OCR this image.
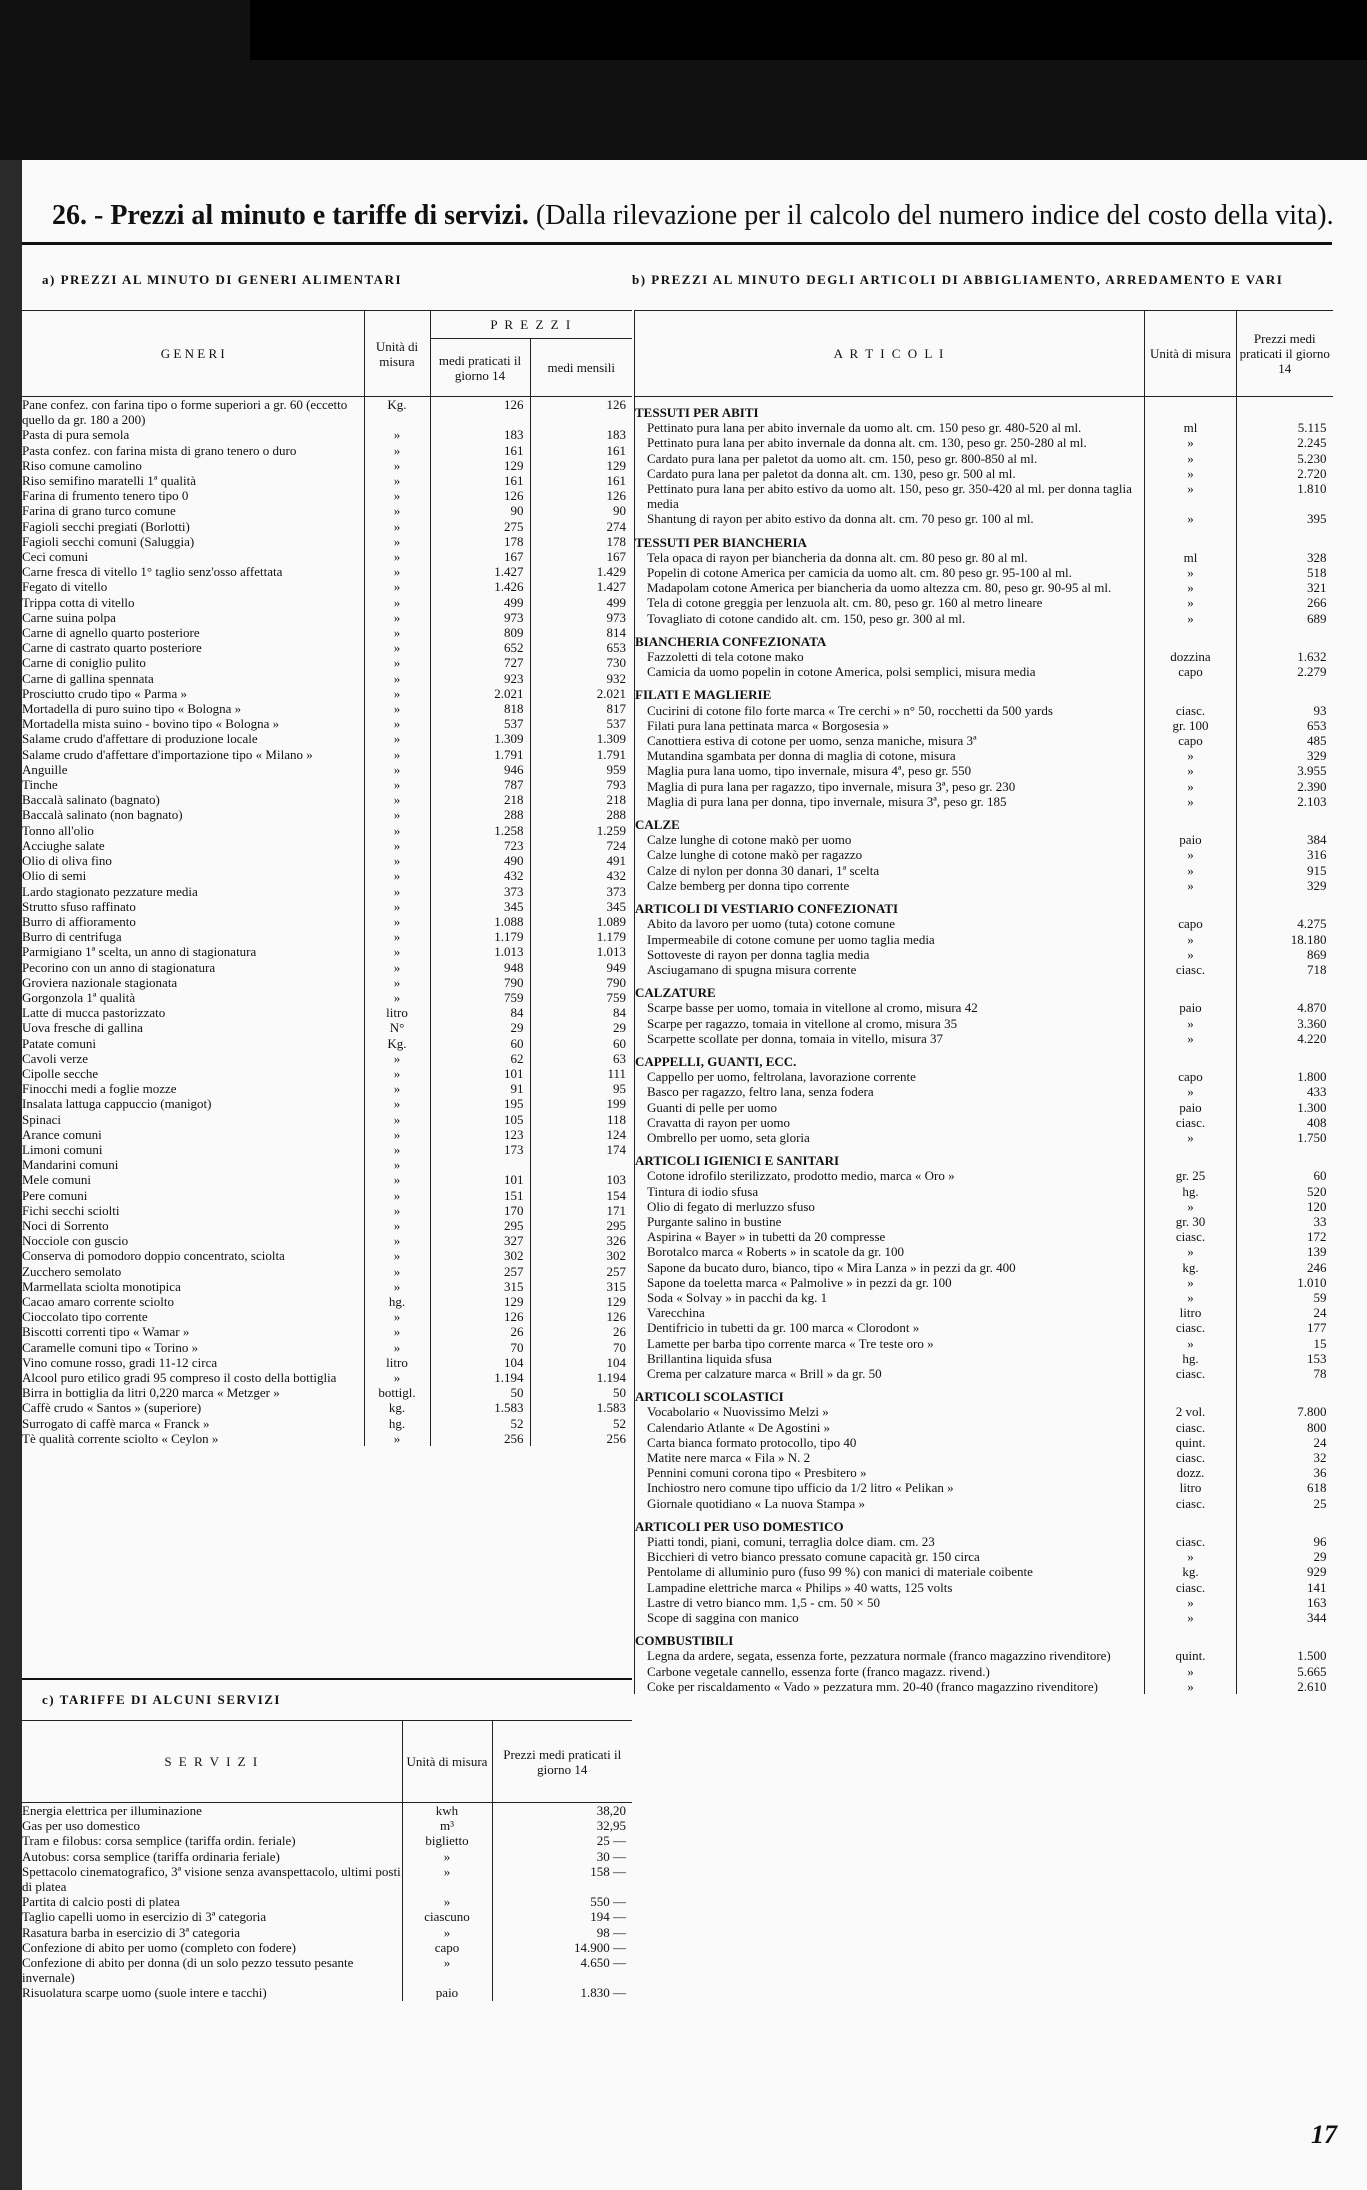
26. - Prezzi al minuto e tariffe di servizi. (Dalla rilevazione per il calcolo del numero indice del costo della vita).
a) PREZZI AL MINUTO DI GENERI ALIMENTARI
G E N E R I	Unità di misura	P R E Z Z I	
		medi praticati il giorno 14	medi mensili
Pane confez. con farina tipo o forme superiori a gr. 60 (eccetto quello da gr. 180 a 200)	Kg.	126	126
Pasta di pura semola	»	183	183
Pasta confez. con farina mista di grano tenero o duro	»	161	161
Riso comune camolino	»	129	129
Riso semifino maratelli 1ª qualità	»	161	161
Farina di frumento tenero tipo 0	»	126	126
Farina di grano turco comune	»	90	90
Fagioli secchi pregiati (Borlotti)	»	275	274
Fagioli secchi comuni (Saluggia)	»	178	178
Ceci comuni	»	167	167
Carne fresca di vitello 1° taglio senz'osso affettata	»	1.427	1.429
Fegato di vitello	»	1.426	1.427
Trippa cotta di vitello	»	499	499
Carne suina polpa	»	973	973
Carne di agnello quarto posteriore	»	809	814
Carne di castrato quarto posteriore	»	652	653
Carne di coniglio pulito	»	727	730
Carne di gallina spennata	»	923	932
Prosciutto crudo tipo « Parma »	»	2.021	2.021
Mortadella di puro suino tipo « Bologna »	»	818	817
Mortadella mista suino - bovino tipo « Bologna »	»	537	537
Salame crudo d'affettare di produzione locale	»	1.309	1.309
Salame crudo d'affettare d'importazione tipo « Milano »	»	1.791	1.791
Anguille	»	946	959
Tinche	»	787	793
Baccalà salinato (bagnato)	»	218	218
Baccalà salinato (non bagnato)	»	288	288
Tonno all'olio	»	1.258	1.259
Acciughe salate	»	723	724
Olio di oliva fino	»	490	491
Olio di semi	»	432	432
Lardo stagionato pezzature media	»	373	373
Strutto sfuso raffinato	»	345	345
Burro di affioramento	»	1.088	1.089
Burro di centrifuga	»	1.179	1.179
Parmigiano 1ª scelta, un anno di stagionatura	»	1.013	1.013
Pecorino con un anno di stagionatura	»	948	949
Groviera nazionale stagionata	»	790	790
Gorgonzola 1ª qualità	»	759	759
Latte di mucca pastorizzato	litro	84	84
Uova fresche di gallina	N°	29	29
Patate comuni	Kg.	60	60
Cavoli verze	»	62	63
Cipolle secche	»	101	111
Finocchi medi a foglie mozze	»	91	95
Insalata lattuga cappuccio (manigot)	»	195	199
Spinaci	»	105	118
Arance comuni	»	123	124
Limoni comuni	»	173	174
Mandarini comuni	»		
Mele comuni	»	101	103
Pere comuni	»	151	154
Fichi secchi sciolti	»	170	171
Noci di Sorrento	»	295	295
Nocciole con guscio	»	327	326
Conserva di pomodoro doppio concentrato, sciolta	»	302	302
Zucchero semolato	»	257	257
Marmellata sciolta monotipica	»	315	315
Cacao amaro corrente sciolto	hg.	129	129
Cioccolato tipo corrente	»	126	126
Biscotti correnti tipo « Wamar »	»	26	26
Caramelle comuni tipo « Torino »	»	70	70
Vino comune rosso, gradi 11-12 circa	litro	104	104
Alcool puro etilico gradi 95 compreso il costo della bottiglia	»	1.194	1.194
Birra in bottiglia da litri 0,220 marca « Metzger »	bottigl.	50	50
Caffè crudo « Santos » (superiore)	kg.	1.583	1.583
Surrogato di caffè marca « Franck »	hg.	52	52
Tè qualità corrente sciolto « Ceylon »	»	256	256
c) TARIFFE DI ALCUNI SERVIZI
S E R V I Z I	Unità di misura	Prezzi medi praticati il giorno 14
Energia elettrica per illuminazione	kwh	38,20
Gas per uso domestico	m³	32,95
Tram e filobus: corsa semplice (tariffa ordin. feriale)	biglietto	25 —
Autobus: corsa semplice (tariffa ordinaria feriale)	»	30 —
Spettacolo cinematografico, 3ª visione senza avanspettacolo, ultimi posti di platea	»	158 —
Partita di calcio posti di platea	»	550 —
Taglio capelli uomo in esercizio di 3ª categoria	ciascuno	194 —
Rasatura barba in esercizio di 3ª categoria	»	98 —
Confezione di abito per uomo (completo con fodere)	capo	14.900 —
Confezione di abito per donna (di un solo pezzo tessuto pesante invernale)	»	4.650 —
Risuolatura scarpe uomo (suole intere e tacchi)	paio	1.830 —
b) PREZZI AL MINUTO DEGLI ARTICOLI DI ABBIGLIAMENTO, ARREDAMENTO E VARI
A R T I C O L I	Unità di misura	Prezzi medi praticati il giorno 14
TESSUTI PER ABITI		
Pettinato pura lana per abito invernale da uomo alt. cm. 150 peso gr. 480-520 al ml.	ml	5.115
Pettinato pura lana per abito invernale da donna alt. cm. 130, peso gr. 250-280 al ml.	»	2.245
Cardato pura lana per paletot da uomo alt. cm. 150, peso gr. 800-850 al ml.	»	5.230
Cardato pura lana per paletot da donna alt. cm. 130, peso gr. 500 al ml.	»	2.720
Pettinato pura lana per abito estivo da uomo alt. 150, peso gr. 350-420 al ml. per donna taglia media	»	1.810
Shantung di rayon per abito estivo da donna alt. cm. 70 peso gr. 100 al ml.	»	395
TESSUTI PER BIANCHERIA		
Tela opaca di rayon per biancheria da donna alt. cm. 80 peso gr. 80 al ml.	ml	328
Popelin di cotone America per camicia da uomo alt. cm. 80 peso gr. 95-100 al ml.	»	518
Madapolam cotone America per biancheria da uomo altezza cm. 80, peso gr. 90-95 al ml.	»	321
Tela di cotone greggia per lenzuola alt. cm. 80, peso gr. 160 al metro lineare	»	266
Tovagliato di cotone candido alt. cm. 150, peso gr. 300 al ml.	»	689
BIANCHERIA CONFEZIONATA		
Fazzoletti di tela cotone mako	dozzina	1.632
Camicia da uomo popelin in cotone America, polsi semplici, misura media	capo	2.279
FILATI E MAGLIERIE		
Cucirini di cotone filo forte marca « Tre cerchi » n° 50, rocchetti da 500 yards	ciasc.	93
Filati pura lana pettinata marca « Borgosesia »	gr. 100	653
Canottiera estiva di cotone per uomo, senza maniche, misura 3ª	capo	485
Mutandina sgambata per donna di maglia di cotone, misura	»	329
Maglia pura lana uomo, tipo invernale, misura 4ª, peso gr. 550	»	3.955
Maglia di pura lana per ragazzo, tipo invernale, misura 3ª, peso gr. 230	»	2.390
Maglia di pura lana per donna, tipo invernale, misura 3ª, peso gr. 185	»	2.103
CALZE		
Calze lunghe di cotone makò per uomo	paio	384
Calze lunghe di cotone makò per ragazzo	»	316
Calze di nylon per donna 30 danari, 1ª scelta	»	915
Calze bemberg per donna tipo corrente	»	329
ARTICOLI DI VESTIARIO CONFEZIONATI		
Abito da lavoro per uomo (tuta) cotone comune	capo	4.275
Impermeabile di cotone comune per uomo taglia media	»	18.180
Sottoveste di rayon per donna taglia media	»	869
Asciugamano di spugna misura corrente	ciasc.	718
CALZATURE		
Scarpe basse per uomo, tomaia in vitellone al cromo, misura 42	paio	4.870
Scarpe per ragazzo, tomaia in vitellone al cromo, misura 35	»	3.360
Scarpette scollate per donna, tomaia in vitello, misura 37	»	4.220
CAPPELLI, GUANTI, ECC.		
Cappello per uomo, feltrolana, lavorazione corrente	capo	1.800
Basco per ragazzo, feltro lana, senza fodera	»	433
Guanti di pelle per uomo	paio	1.300
Cravatta di rayon per uomo	ciasc.	408
Ombrello per uomo, seta gloria	»	1.750
ARTICOLI IGIENICI E SANITARI		
Cotone idrofilo sterilizzato, prodotto medio, marca « Oro »	gr. 25	60
Tintura di iodio sfusa	hg.	520
Olio di fegato di merluzzo sfuso	»	120
Purgante salino in bustine	gr. 30	33
Aspirina « Bayer » in tubetti da 20 compresse	ciasc.	172
Borotalco marca « Roberts » in scatole da gr. 100	»	139
Sapone da bucato duro, bianco, tipo « Mira Lanza » in pezzi da gr. 400	kg.	246
Sapone da toeletta marca « Palmolive » in pezzi da gr. 100	»	1.010
Soda « Solvay » in pacchi da kg. 1	»	59
Varecchina	litro	24
Dentifricio in tubetti da gr. 100 marca « Clorodont »	ciasc.	177
Lamette per barba tipo corrente marca « Tre teste oro »	»	15
Brillantina liquida sfusa	hg.	153
Crema per calzature marca « Brill » da gr. 50	ciasc.	78
ARTICOLI SCOLASTICI		
Vocabolario « Nuovissimo Melzi »	2 vol.	7.800
Calendario Atlante « De Agostini »	ciasc.	800
Carta bianca formato protocollo, tipo 40	quint.	24
Matite nere marca « Fila » N. 2	ciasc.	32
Pennini comuni corona tipo « Presbitero »	dozz.	36
Inchiostro nero comune tipo ufficio da 1/2 litro « Pelikan »	litro	618
Giornale quotidiano « La nuova Stampa »	ciasc.	25
ARTICOLI PER USO DOMESTICO		
Piatti tondi, piani, comuni, terraglia dolce diam. cm. 23	ciasc.	96
Bicchieri di vetro bianco pressato comune capacità gr. 150 circa	»	29
Pentolame di alluminio puro (fuso 99 %) con manici di materiale coibente	kg.	929
Lampadine elettriche marca « Philips » 40 watts, 125 volts	ciasc.	141
Lastre di vetro bianco mm. 1,5 - cm. 50 × 50	»	163
Scope di saggina con manico	»	344
COMBUSTIBILI		
Legna da ardere, segata, essenza forte, pezzatura normale (franco magazzino rivenditore)	quint.	1.500
Carbone vegetale cannello, essenza forte (franco magazz. rivend.)	»	5.665
Coke per riscaldamento « Vado » pezzatura mm. 20-40 (franco magazzino rivenditore)	»	2.610
17
